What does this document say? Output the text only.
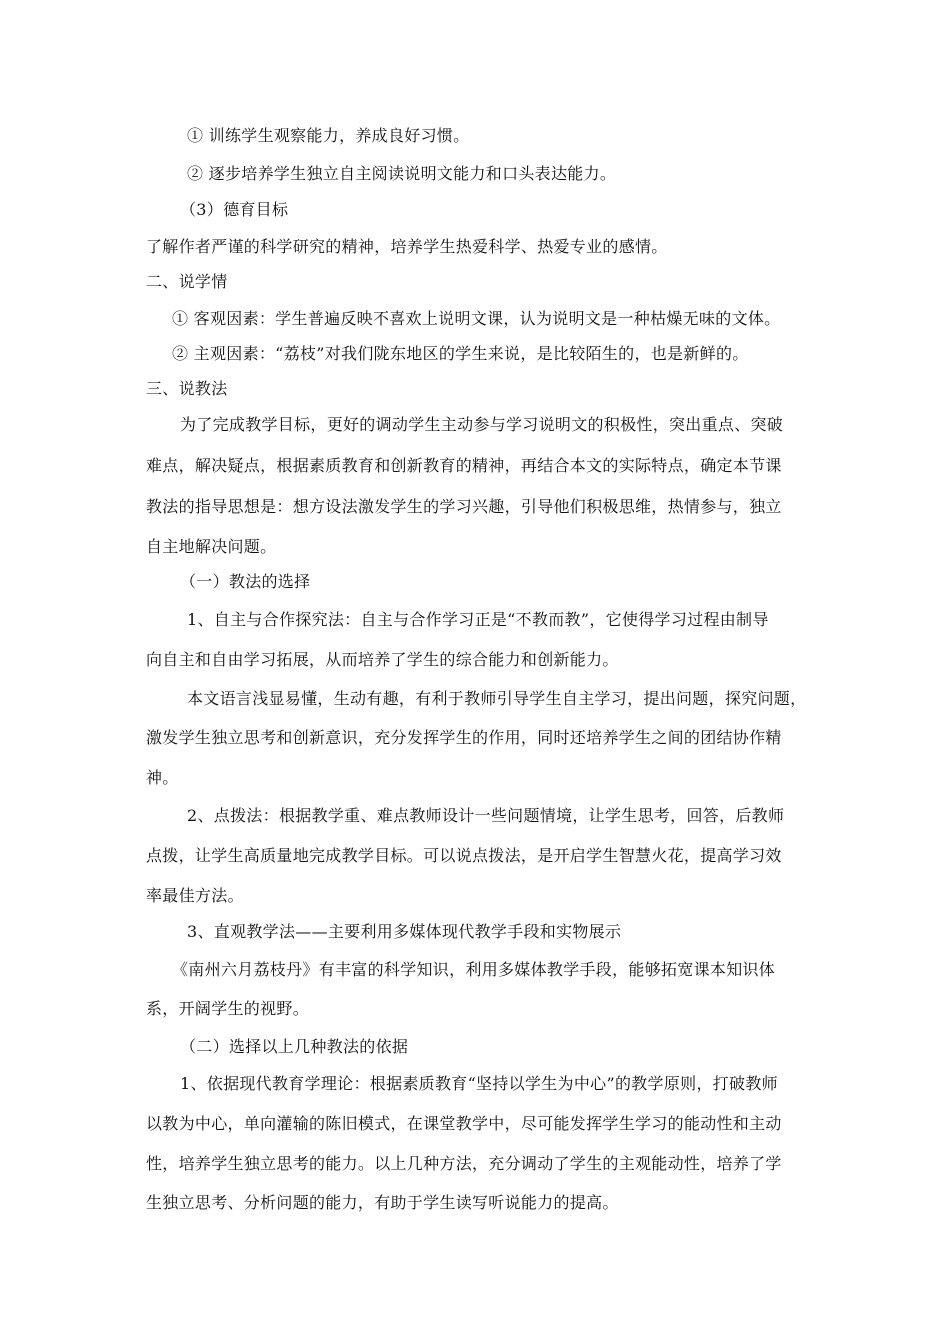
① 训练学生观察能力，养成良好习惯。
② 逐步培养学生独立自主阅读说明文能力和口头表达能力。
（3）德育目标
了解作者严谨的科学研究的精神，培养学生热爱科学、热爱专业的感情。
二、说学情
① 客观因素：学生普遍反映不喜欢上说明文课，认为说明文是一种枯燥无味的文体。
② 主观因素：“荔枝”对我们陇东地区的学生来说，是比较陌生的，也是新鲜的。
三、说教法
为了完成教学目标，更好的调动学生主动参与学习说明文的积极性，突出重点、突破
难点，解决疑点，根据素质教育和创新教育的精神，再结合本文的实际特点，确定本节课
教法的指导思想是：想方设法激发学生的学习兴趣，引导他们积极思维，热情参与，独立
自主地解决问题。
（一）教法的选择
1、自主与合作探究法：自主与合作学习正是“不教而教”，它使得学习过程由制导
向自主和自由学习拓展，从而培养了学生的综合能力和创新能力。
本文语言浅显易懂，生动有趣，有利于教师引导学生自主学习，提出问题，探究问题，
激发学生独立思考和创新意识，充分发挥学生的作用，同时还培养学生之间的团结协作精
神。
2、点拨法：根据教学重、难点教师设计一些问题情境，让学生思考，回答，后教师
点拨，让学生高质量地完成教学目标。可以说点拨法，是开启学生智慧火花，提高学习效
率最佳方法。
3、直观教学法——主要利用多媒体现代教学手段和实物展示
《南州六月荔枝丹》有丰富的科学知识，利用多媒体教学手段，能够拓宽课本知识体
系，开阔学生的视野。
（二）选择以上几种教法的依据
1、依据现代教育学理论：根据素质教育“坚持以学生为中心”的教学原则，打破教师
以教为中心，单向灌输的陈旧模式，在课堂教学中，尽可能发挥学生学习的能动性和主动
性，培养学生独立思考的能力。以上几种方法，充分调动了学生的主观能动性，培养了学
生独立思考、分析问题的能力，有助于学生读写听说能力的提高。
